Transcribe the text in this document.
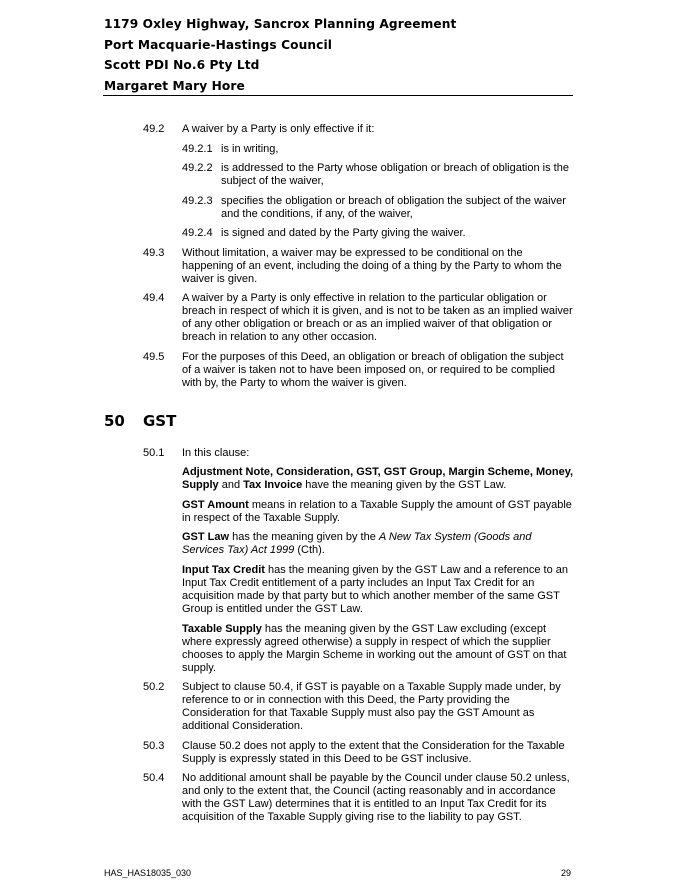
1179 Oxley Highway, Sancrox Planning Agreement
Port Macquarie-Hastings Council
Scott PDI No.6 Pty Ltd
Margaret Mary Hore
49.2 A waiver by a Party is only effective if it:
49.2.1 is in writing,
49.2.2 is addressed to the Party whose obligation or breach of obligation is the subject of the waiver,
49.2.3 specifies the obligation or breach of obligation the subject of the waiver and the conditions, if any, of the waiver,
49.2.4 is signed and dated by the Party giving the waiver.
49.3 Without limitation, a waiver may be expressed to be conditional on the happening of an event, including the doing of a thing by the Party to whom the waiver is given.
49.4 A waiver by a Party is only effective in relation to the particular obligation or breach in respect of which it is given, and is not to be taken as an implied waiver of any other obligation or breach or as an implied waiver of that obligation or breach in relation to any other occasion.
49.5 For the purposes of this Deed, an obligation or breach of obligation the subject of a waiver is taken not to have been imposed on, or required to be complied with by, the Party to whom the waiver is given.
50 GST
50.1 In this clause:
Adjustment Note, Consideration, GST, GST Group, Margin Scheme, Money, Supply and Tax Invoice have the meaning given by the GST Law.
GST Amount means in relation to a Taxable Supply the amount of GST payable in respect of the Taxable Supply.
GST Law has the meaning given by the A New Tax System (Goods and Services Tax) Act 1999 (Cth).
Input Tax Credit has the meaning given by the GST Law and a reference to an Input Tax Credit entitlement of a party includes an Input Tax Credit for an acquisition made by that party but to which another member of the same GST Group is entitled under the GST Law.
Taxable Supply has the meaning given by the GST Law excluding (except where expressly agreed otherwise) a supply in respect of which the supplier chooses to apply the Margin Scheme in working out the amount of GST on that supply.
50.2 Subject to clause 50.4, if GST is payable on a Taxable Supply made under, by reference to or in connection with this Deed, the Party providing the Consideration for that Taxable Supply must also pay the GST Amount as additional Consideration.
50.3 Clause 50.2 does not apply to the extent that the Consideration for the Taxable Supply is expressly stated in this Deed to be GST inclusive.
50.4 No additional amount shall be payable by the Council under clause 50.2 unless, and only to the extent that, the Council (acting reasonably and in accordance with the GST Law) determines that it is entitled to an Input Tax Credit for its acquisition of the Taxable Supply giving rise to the liability to pay GST.
HAS_HAS18035_030	29
